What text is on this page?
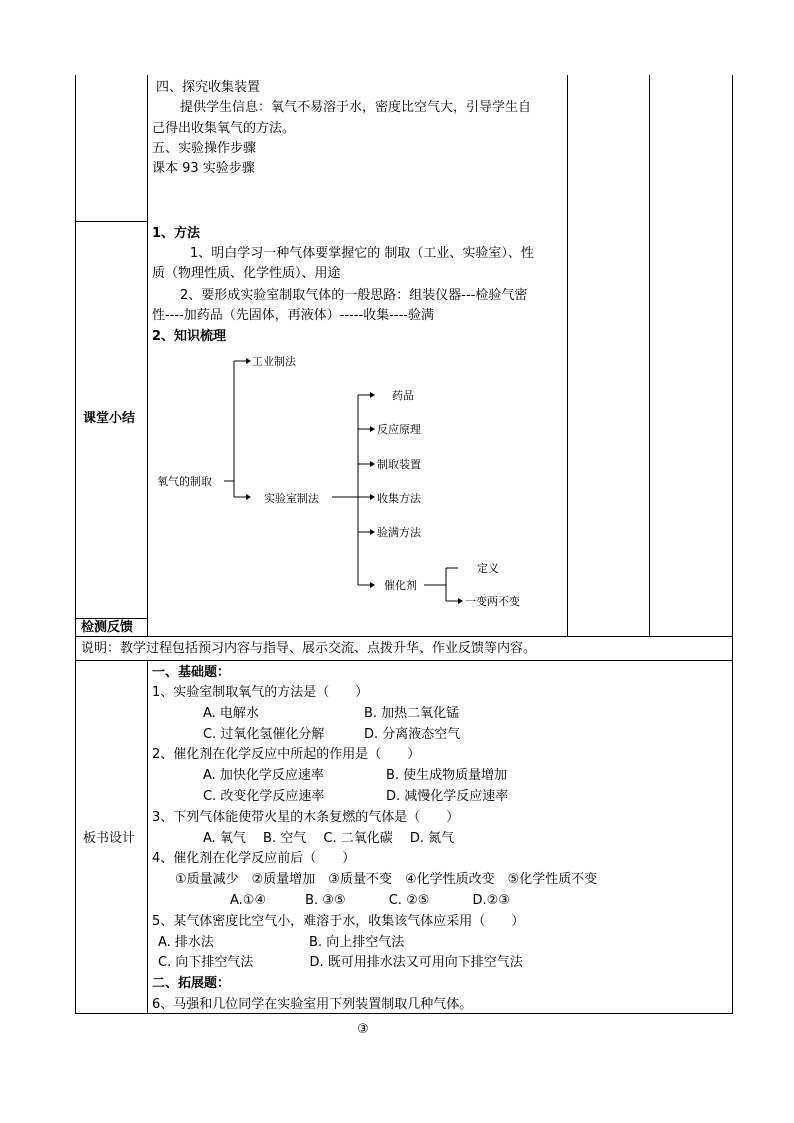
四、探究收集装置
提供学生信息：氧气不易溶于水，密度比空气大，引导学生自
己得出收集氧气的方法。
五、实验操作步骤
课本 93 实验步骤
课堂小结
1、方法
1、明白学习一种气体要掌握它的 制取（工业、实验室）、性
质（物理性质、化学性质）、用途
2、要形成实验室制取气体的一般思路：组装仪器---检验气密
性----加药品（先固体，再液体）-----收集----验满
2、知识梳理
氧气的制取
工业制法
实验室制法
药品
反应原理
制取装置
收集方法
验满方法
催化剂
定义
一变两不变
检测反馈
说明：教学过程包括预习内容与指导、展示交流、点拨升华、作业反馈等内容。
板书设计
一、基础题：
1、实验室制取氧气的方法是（　　）
A. 电解水	B. 加热二氧化锰
C. 过氧化氢催化分解	D. 分离液态空气
2、催化剂在化学反应中所起的作用是（　　）
A. 加快化学反应速率	B. 使生成物质量增加
C. 改变化学反应速率	D. 减慢化学反应速率
3、下列气体能使带火星的木条复燃的气体是（　　）
A. 氧气　 B. 空气　 C. 二氧化碳　 D. 氮气
4、催化剂在化学反应前后（　　）
①质量减少　②质量增加　③质量不变　④化学性质改变　⑤化学性质不变
A.①④　　　B. ③⑤　　　 C. ②⑤　　　 D.②③
5、某气体密度比空气小，难溶于水，收集该气体应采用（　　）
A. 排水法　　　　　　　 B. 向上排空气法
C. 向下排空气法　　　　 D. 既可用排水法又可用向下排空气法
二、拓展题：
6、马强和几位同学在实验室用下列装置制取几种气体。
③
